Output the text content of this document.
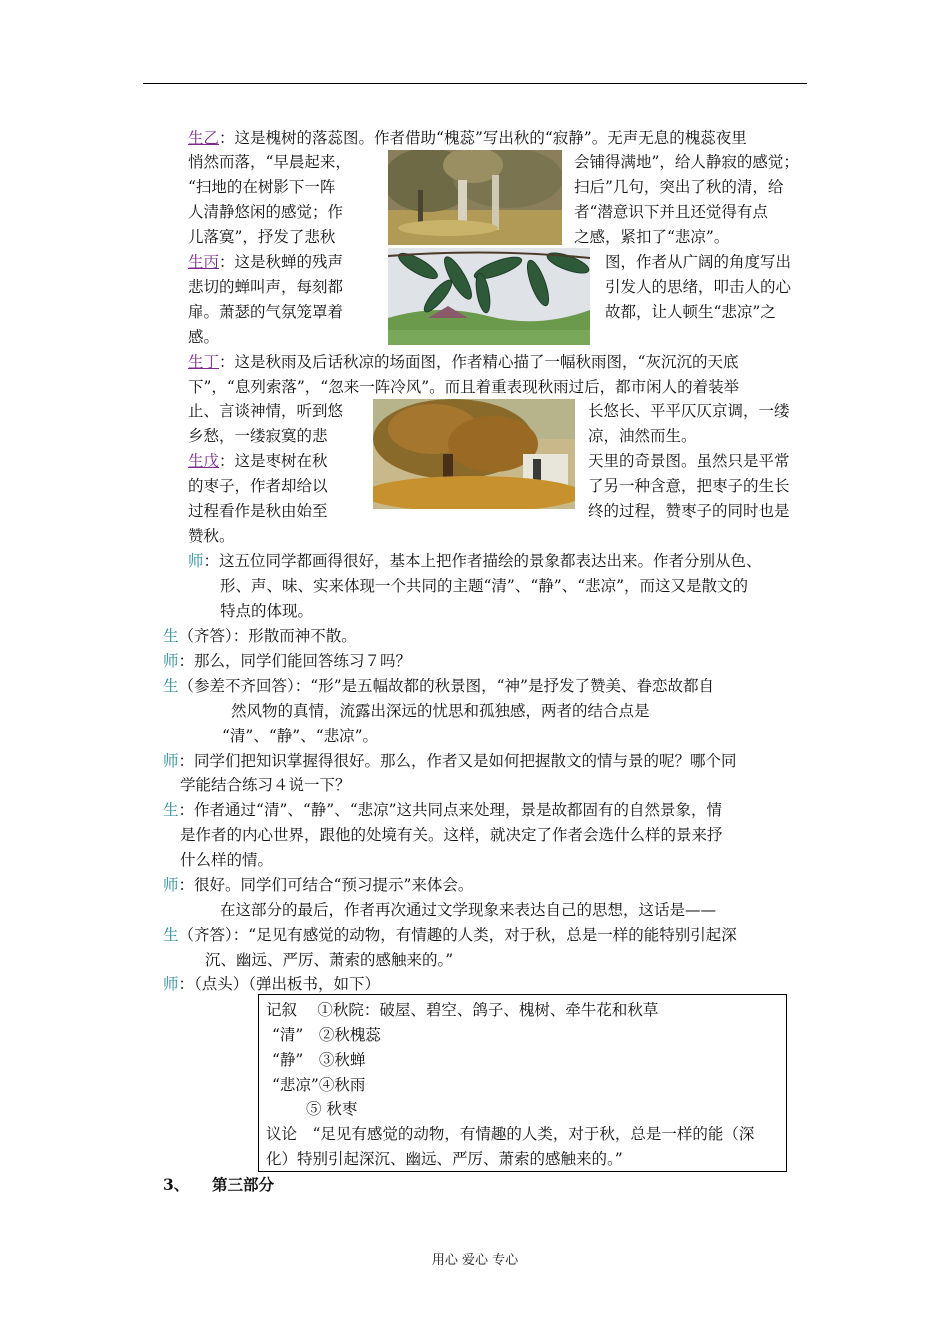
生乙：这是槐树的落蕊图。作者借助“槐蕊”写出秋的“寂静”。无声无息的槐蕊夜里
悄然而落，“早晨起来，	会铺得满地”，给人静寂的感觉；
“扫地的在树影下一阵	扫后”几句，突出了秋的清，给
人清静悠闲的感觉；作	者“潜意识下并且还觉得有点
儿落寞”，抒发了悲秋	之感，紧扣了“悲凉”。
生丙：这是秋蝉的残声	图，作者从广阔的角度写出
悲切的蝉叫声，每刻都	引发人的思绪，叩击人的心
扉。萧瑟的气氛笼罩着	故都，让人顿生“悲凉”之
感。
生丁：这是秋雨及后话秋凉的场面图，作者精心描了一幅秋雨图，“灰沉沉的天底
下”，“息列索落”，“忽来一阵冷风”。而且着重表现秋雨过后，都市闲人的着装举
止、言谈神情，听到悠	长悠长、平平仄仄京调，一缕
乡愁，一缕寂寞的悲	凉，油然而生。
生戊：这是枣树在秋	天里的奇景图。虽然只是平常
的枣子，作者却给以	了另一种含意，把枣子的生长
过程看作是秋由始至	终的过程，赞枣子的同时也是
赞秋。
师：这五位同学都画得很好，基本上把作者描绘的景象都表达出来。作者分别从色、
形、声、味、实来体现一个共同的主题“清”、“静”、“悲凉”，而这又是散文的
特点的体现。
生（齐答）：形散而神不散。
师：那么，同学们能回答练习７吗？
生（参差不齐回答）：“形”是五幅故都的秋景图，“神”是抒发了赞美、眷恋故都自
然风物的真情，流露出深远的忧思和孤独感，两者的结合点是
“清”、“静”、“悲凉”。
师：同学们把知识掌握得很好。那么，作者又是如何把握散文的情与景的呢？哪个同
学能结合练习４说一下？
生：作者通过“清”、“静”、“悲凉”这共同点来处理，景是故都固有的自然景象，情
是作者的内心世界，跟他的处境有关。这样，就决定了作者会选什么样的景来抒
什么样的情。
师：很好。同学们可结合“预习提示”来体会。
在这部分的最后，作者再次通过文学现象来表达自己的思想，这话是——
生（齐答）：“足见有感觉的动物，有情趣的人类，对于秋，总是一样的能特别引起深
沉、幽远、严厉、萧索的感触来的。”
师：（点头）（弹出板书，如下）
记叙　 ①秋院：破屋、碧空、鸽子、槐树、牵牛花和秋草
“清”　②秋槐蕊
“静”　③秋蝉
“悲凉”④秋雨
⑤ 秋枣
议论　“足见有感觉的动物，有情趣的人类，对于秋，总是一样的能（深
化）特别引起深沉、幽远、严厉、萧索的感触来的。”
3、 第三部分
用心 爱心 专心
